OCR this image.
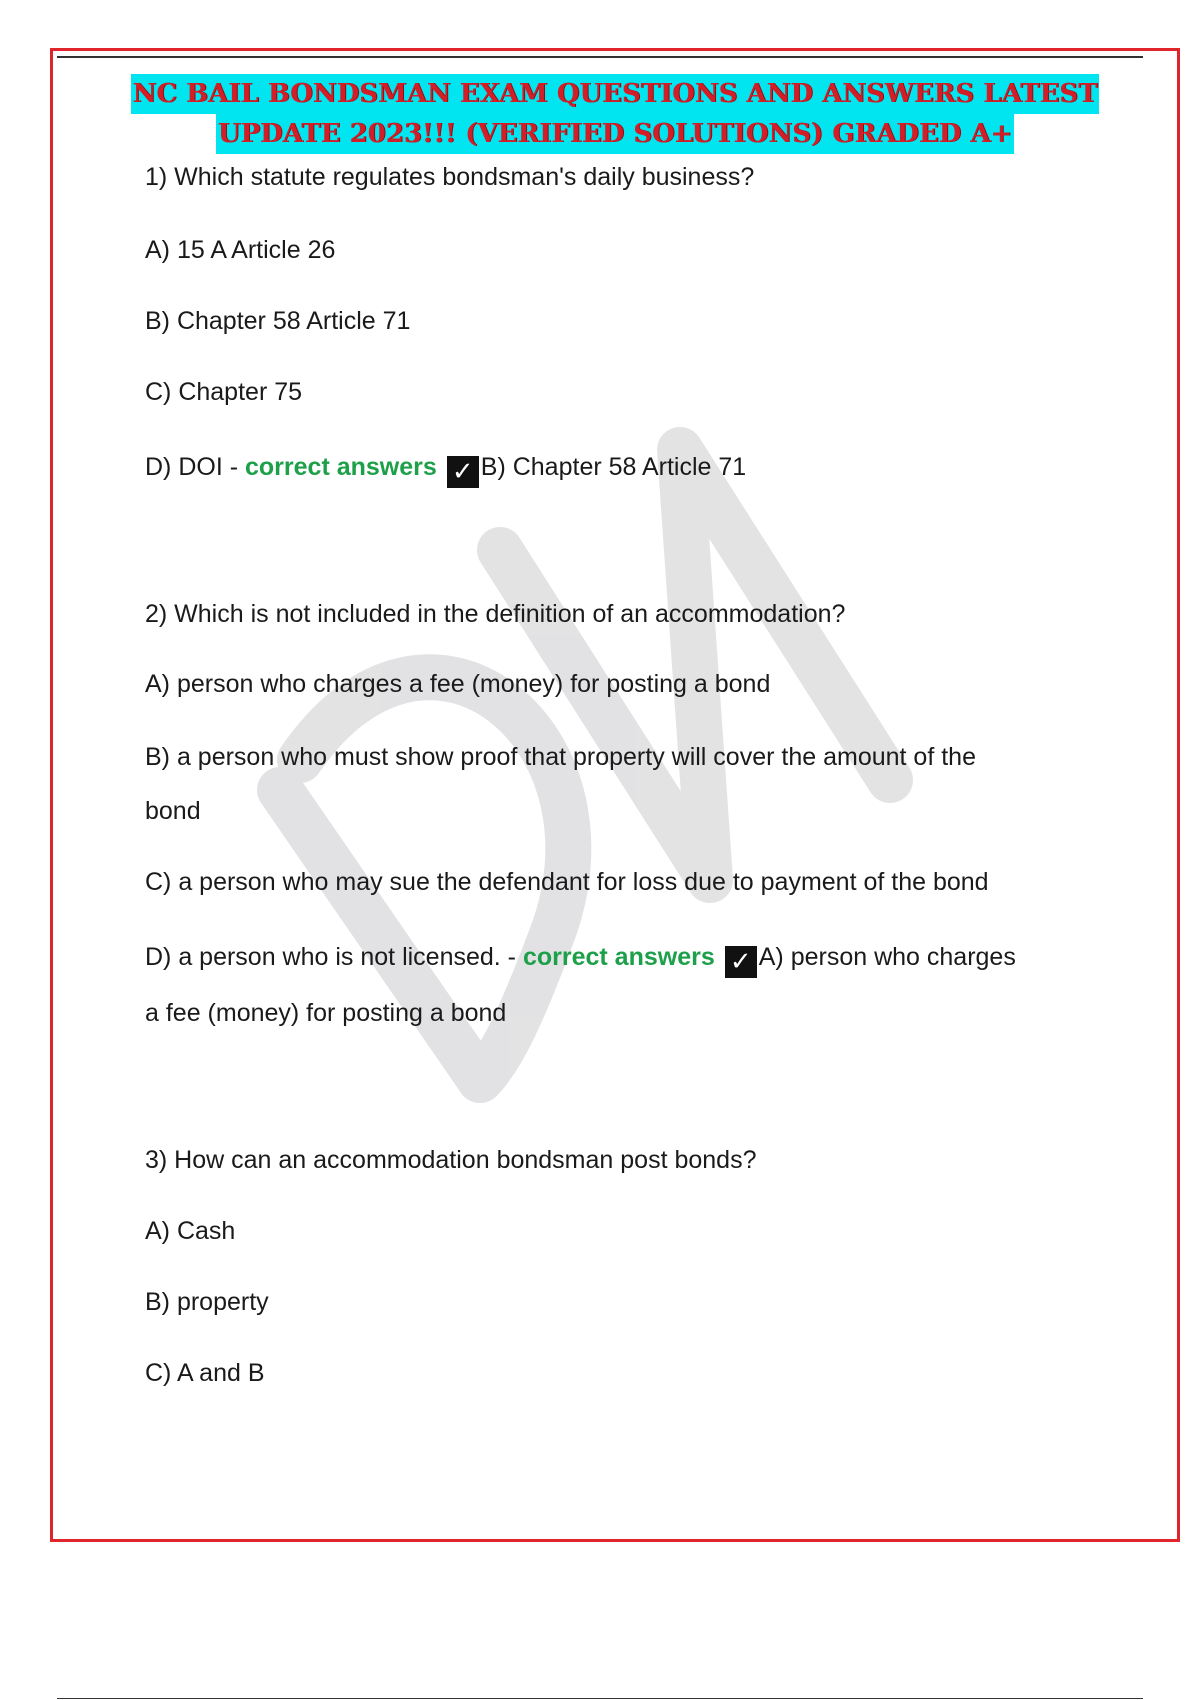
NC BAIL BONDSMAN EXAM QUESTIONS AND ANSWERS LATEST
UPDATE 2023!!! (VERIFIED SOLUTIONS) GRADED A+
1) Which statute regulates bondsman's daily business?
A) 15 A Article 26
B) Chapter 58 Article 71
C) Chapter 75
D) DOI - correct answers ✓ B) Chapter 58 Article 71
2) Which is not included in the definition of an accommodation?
A) person who charges a fee (money) for posting a bond
B) a person who must show proof that property will cover the amount of the
bond
C) a person who may sue the defendant for loss due to payment of the bond
D) a person who is not licensed. - correct answers ✓ A) person who charges
a fee (money) for posting a bond
3) How can an accommodation bondsman post bonds?
A) Cash
B) property
C) A and B
